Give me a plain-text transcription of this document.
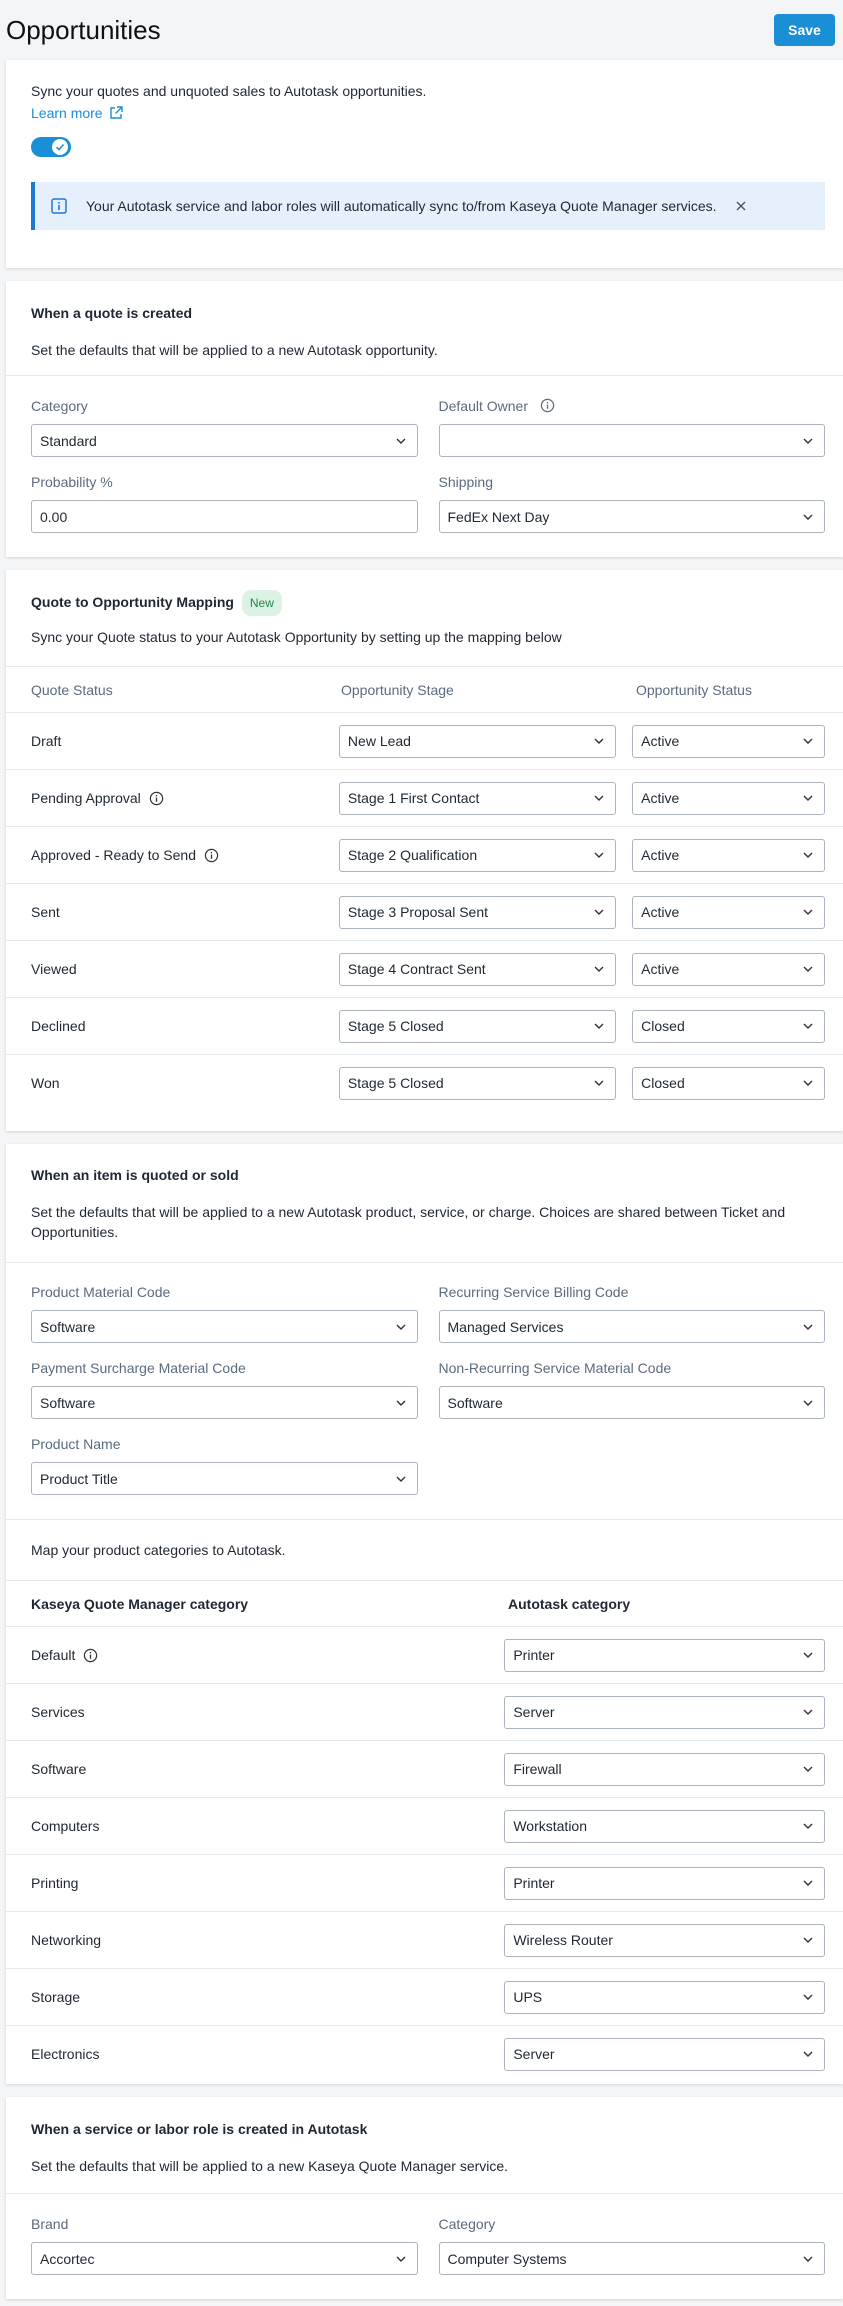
Opportunities	Save
Sync your quotes and unquoted sales to Autotask opportunities.
Learn more
Your Autotask service and labor roles will automatically sync to/from Kaseya Quote Manager services.
When a quote is created
Set the defaults that will be applied to a new Autotask opportunity.
Category
Standard
Default Owner
Probability %
0.00
Shipping
FedEx Next Day
Quote to Opportunity Mapping New
Sync your Quote status to your Autotask Opportunity by setting up the mapping below
Quote Status	Opportunity Stage	Opportunity Status
Draft	New Lead	Active
Pending Approval	Stage 1 First Contact	Active
Approved - Ready to Send	Stage 2 Qualification	Active
Sent	Stage 3 Proposal Sent	Active
Viewed	Stage 4 Contract Sent	Active
Declined	Stage 5 Closed	Closed
Won	Stage 5 Closed	Closed
When an item is quoted or sold
Set the defaults that will be applied to a new Autotask product, service, or charge. Choices are shared between Ticket and Opportunities.
Product Material Code
Software
Recurring Service Billing Code
Managed Services
Payment Surcharge Material Code
Software
Non-Recurring Service Material Code
Software
Product Name
Product Title
Map your product categories to Autotask.
Kaseya Quote Manager category	Autotask category
Default	Printer
Services	Server
Software	Firewall
Computers	Workstation
Printing	Printer
Networking	Wireless Router
Storage	UPS
Electronics	Server
When a service or labor role is created in Autotask
Set the defaults that will be applied to a new Kaseya Quote Manager service.
Brand
Accortec
Category
Computer Systems
